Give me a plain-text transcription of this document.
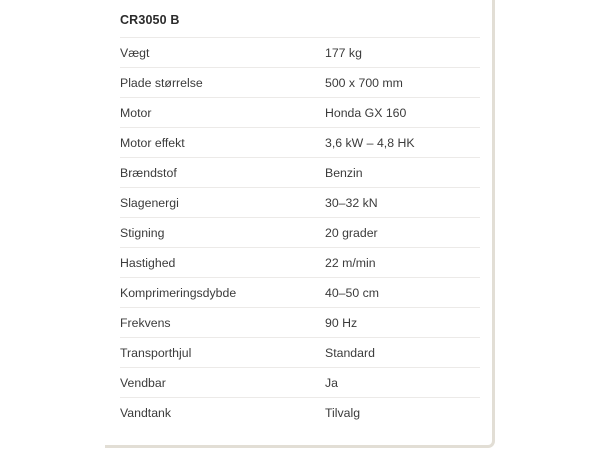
CR3050 B
Vægt	177 kg
Plade størrelse	500 x 700 mm
Motor	Honda GX 160
Motor effekt	3,6 kW – 4,8 HK
Brændstof	Benzin
Slagenergi	30–32 kN
Stigning	20 grader
Hastighed	22 m/min
Komprimeringsdybde	40–50 cm
Frekvens	90 Hz
Transporthjul	Standard
Vendbar	Ja
Vandtank	Tilvalg
